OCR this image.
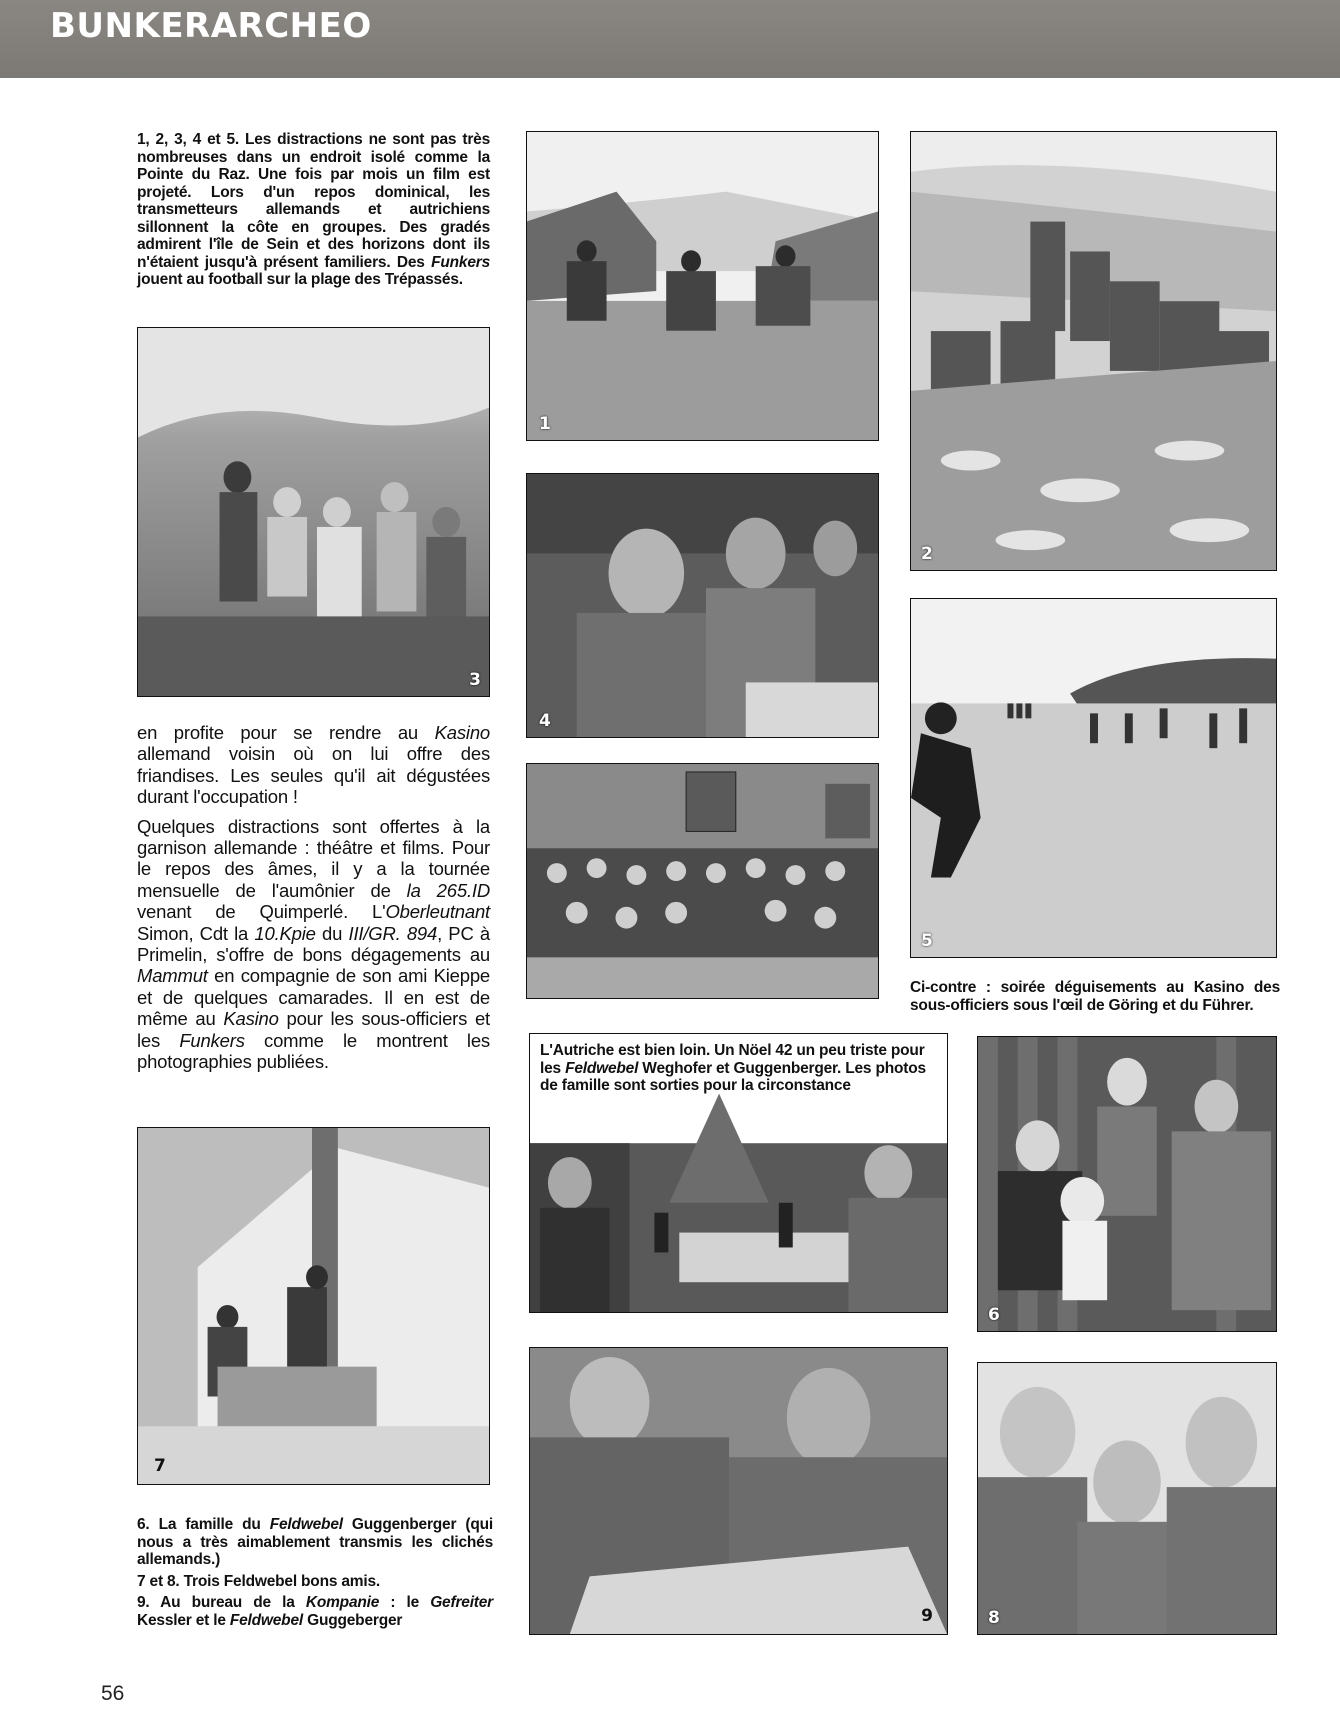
BUNKERARCHEO
1, 2, 3, 4 et 5. Les distractions ne sont pas très nombreuses dans un endroit isolé comme la Pointe du Raz. Une fois par mois un film est projeté. Lors d'un repos dominical, les transmetteurs allemands et autrichiens sillonnent la côte en groupes. Des gradés admirent l'île de Sein et des horizons dont ils n'étaient jusqu'à présent familiers. Des Funkers jouent au football sur la plage des Trépassés.
3

en profite pour se rendre au Kasino allemand voisin où on lui offre des friandises. Les seules qu'il ait dégustées durant l'occupation !

Quelques distractions sont offertes à la garnison allemande : théâtre et films. Pour le repos des âmes, il y a la tournée mensuelle de l'aumônier de la 265.ID venant de Quimperlé. L'Oberleutnant Simon, Cdt la 10.Kpie du III/GR. 894, PC à Primelin, s'offre de bons dégagements au Mammut en compagnie de son ami Kieppe et de quelques camarades. Il en est de même au Kasino pour les sous-officiers et les Funkers comme le montrent les photographies publiées.

7

6. La famille du Feldwebel Guggenberger (qui nous a très aimablement transmis les clichés allemands.)

7 et 8. Trois Feldwebel bons amis.

9. Au bureau de la Kompanie : le Gefreiter Kessler et le Feldwebel Guggeberger

1
4
2
5
Ci-contre : soirée déguisements au Kasino des sous-officiers sous l'œil de Göring et du Führer.
L'Autriche est bien loin. Un Nöel 42 un peu triste pour les Feldwebel Weghofer et Guggenberger. Les photos de famille sont sorties pour la circonstance
6
9	8
56
